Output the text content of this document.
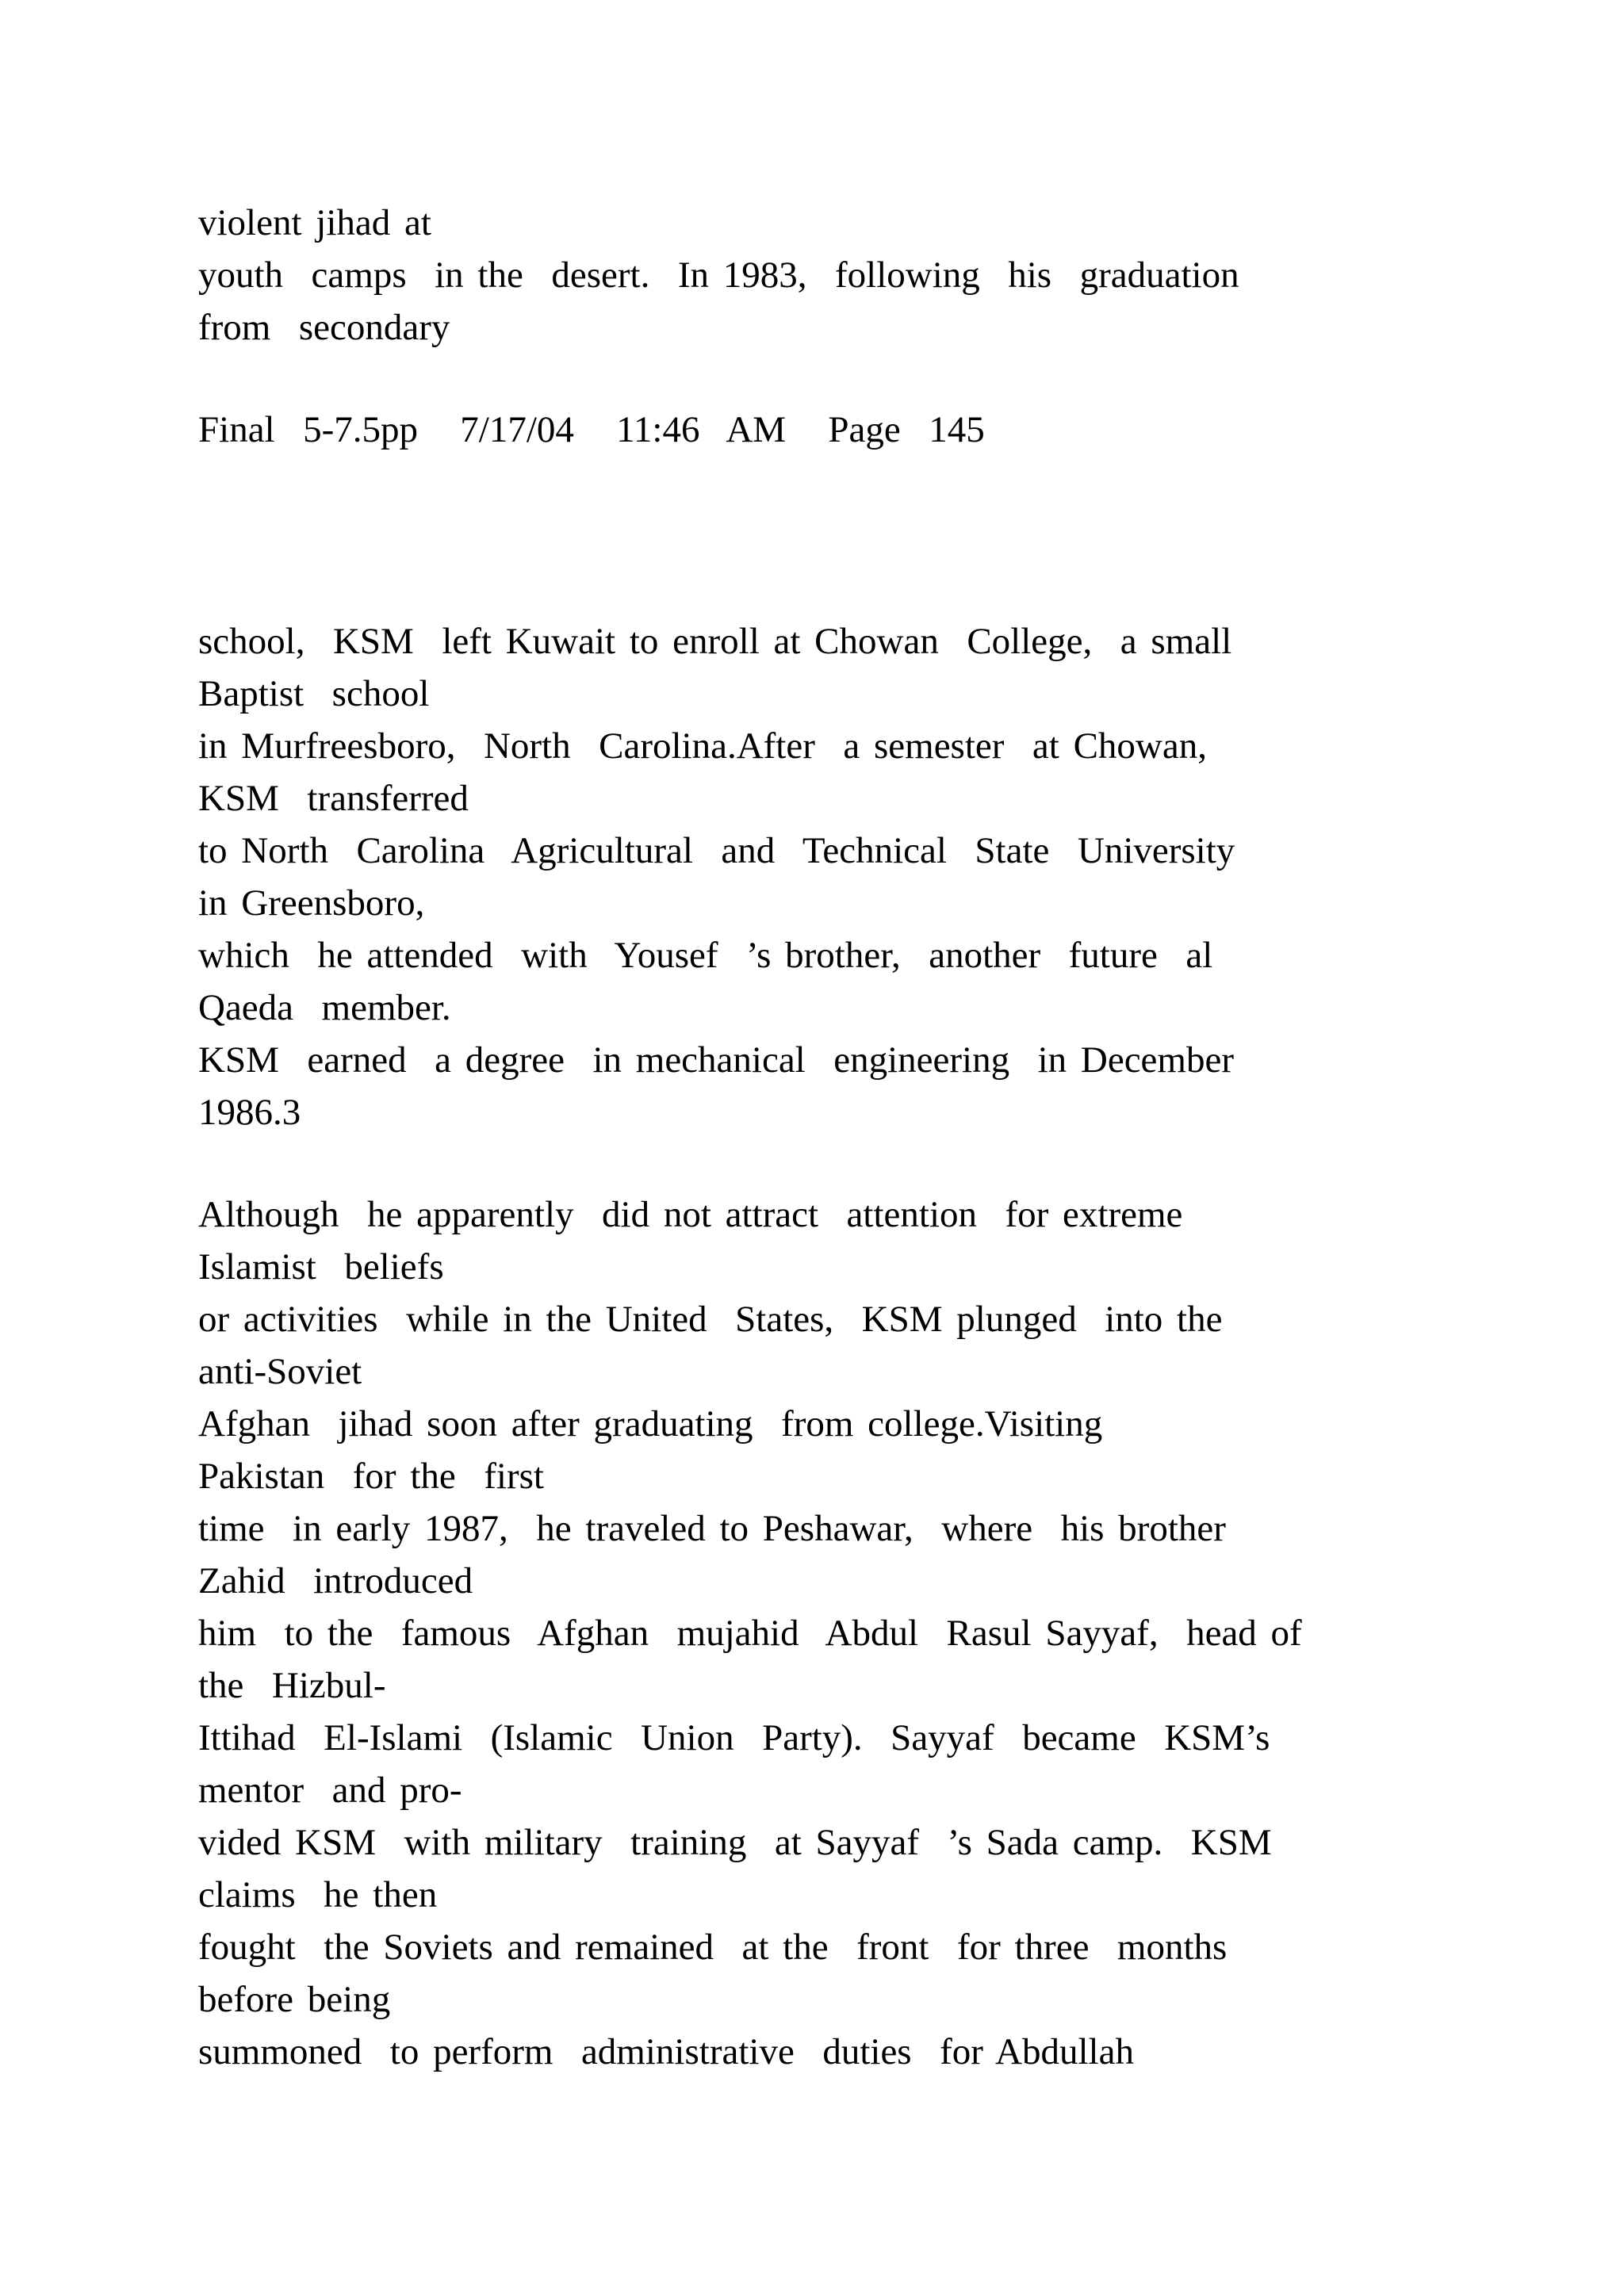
violent jihad at
youth  camps  in the  desert.  In 1983,  following  his  graduation
from  secondary
Final  5-7.5pp   7/17/04   11:46  AM   Page  145
school,  KSM  left Kuwait to enroll at Chowan  College,  a small
Baptist  school
in Murfreesboro,  North  Carolina.After  a semester  at Chowan,
KSM  transferred
to North  Carolina  Agricultural  and  Technical  State  University
in Greensboro,
which  he attended  with  Yousef  ’s brother,  another  future  al
Qaeda  member.
KSM  earned  a degree  in mechanical  engineering  in December
1986.3
Although  he apparently  did not attract  attention  for extreme
Islamist  beliefs
or activities  while in the United  States,  KSM plunged  into the
anti-Soviet
Afghan  jihad soon after graduating  from college.Visiting
Pakistan  for the  first
time  in early 1987,  he traveled to Peshawar,  where  his brother
Zahid  introduced
him  to the  famous  Afghan  mujahid  Abdul  Rasul Sayyaf,  head of
the  Hizbul-
Ittihad  El-Islami  (Islamic  Union  Party).  Sayyaf  became  KSM’s
mentor  and pro-
vided KSM  with military  training  at Sayyaf  ’s Sada camp.  KSM
claims  he then
fought  the Soviets and remained  at the  front  for three  months
before being
summoned  to perform  administrative  duties  for Abdullah
